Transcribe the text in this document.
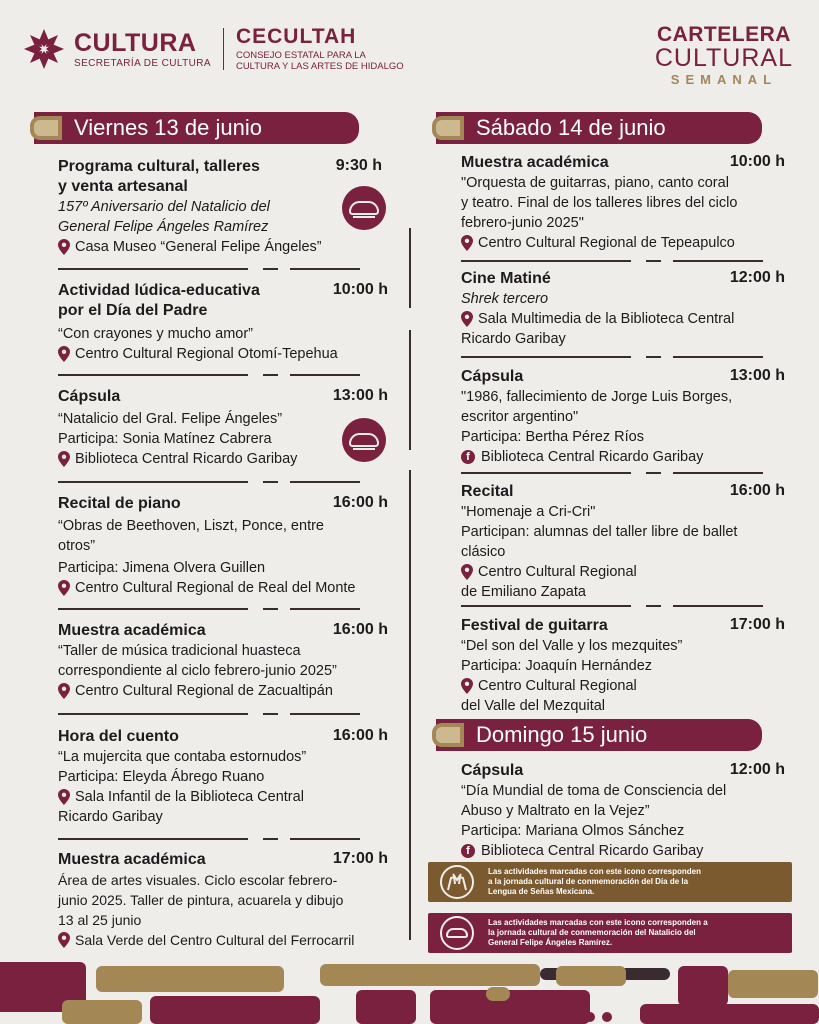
CULTURA
SECRETARÍA DE CULTURA
CECULTAH
CONSEJO ESTATAL PARA LA
CULTURA Y LAS ARTES DE HIDALGO
CARTELERA
CULTURAL
SEMANAL
Viernes 13 de junio	Sábado 14 de junio
Domingo 15 junio
Programa cultural, talleres	9:30 h
y venta artesanal
157º Aniversario del Natalicio del
General Felipe Ángeles Ramírez
Casa Museo “General Felipe Ángeles”
Actividad lúdica-educativa	10:00 h
por el Día del Padre
“Con crayones y mucho amor”
Centro Cultural Regional Otomí-Tepehua
Cápsula	13:00 h
“Natalicio del Gral. Felipe Ángeles”
Participa: Sonia Matínez Cabrera
Biblioteca Central Ricardo Garibay
Recital de piano	16:00 h
“Obras de Beethoven, Liszt, Ponce, entre
otros”
Participa: Jimena Olvera Guillen
Centro Cultural Regional de Real del Monte
Muestra académica	16:00 h
“Taller de música tradicional huasteca
correspondiente al ciclo febrero-junio 2025”
Centro Cultural Regional de Zacualtipán
Hora del cuento	16:00 h
“La mujercita que contaba estornudos”
Participa: Eleyda Ábrego Ruano
Sala Infantil de la Biblioteca Central
Ricardo Garibay
Muestra académica	17:00 h
Área de artes visuales. Ciclo escolar febrero-
junio 2025. Taller de pintura, acuarela y dibujo
13 al 25 junio
Sala Verde del Centro Cultural del Ferrocarril
Muestra académica	10:00 h
"Orquesta de guitarras, piano, canto coral
y teatro. Final de los talleres libres del ciclo
febrero-junio 2025"
Centro Cultural Regional de Tepeapulco
Cine Matiné	12:00 h
Shrek tercero
Sala Multimedia de la Biblioteca Central
Ricardo Garibay
Cápsula	13:00 h
"1986, fallecimiento de Jorge Luis Borges,
escritor argentino"
Participa: Bertha Pérez Ríos
f Biblioteca Central Ricardo Garibay
Recital	16:00 h
"Homenaje a Cri-Cri"
Participan: alumnas del taller libre de ballet
clásico
Centro Cultural Regional
de Emiliano Zapata
Festival de guitarra	17:00 h
“Del son del Valle y los mezquites”
Participa: Joaquín Hernández
Centro Cultural Regional
del Valle del Mezquital
Cápsula	12:00 h
“Día Mundial de toma de Consciencia del
Abuso y Maltrato en la Vejez”
Participa: Mariana Olmos Sánchez
f Biblioteca Central Ricardo Garibay
Las actividades marcadas con este icono corresponden
a la jornada cultural de conmemoración del Día de la
Lengua de Señas Mexicana.
Las actividades marcadas con este icono corresponden a
la jornada cultural de conmemoración del Natalicio del
General Felipe Ángeles Ramírez.
